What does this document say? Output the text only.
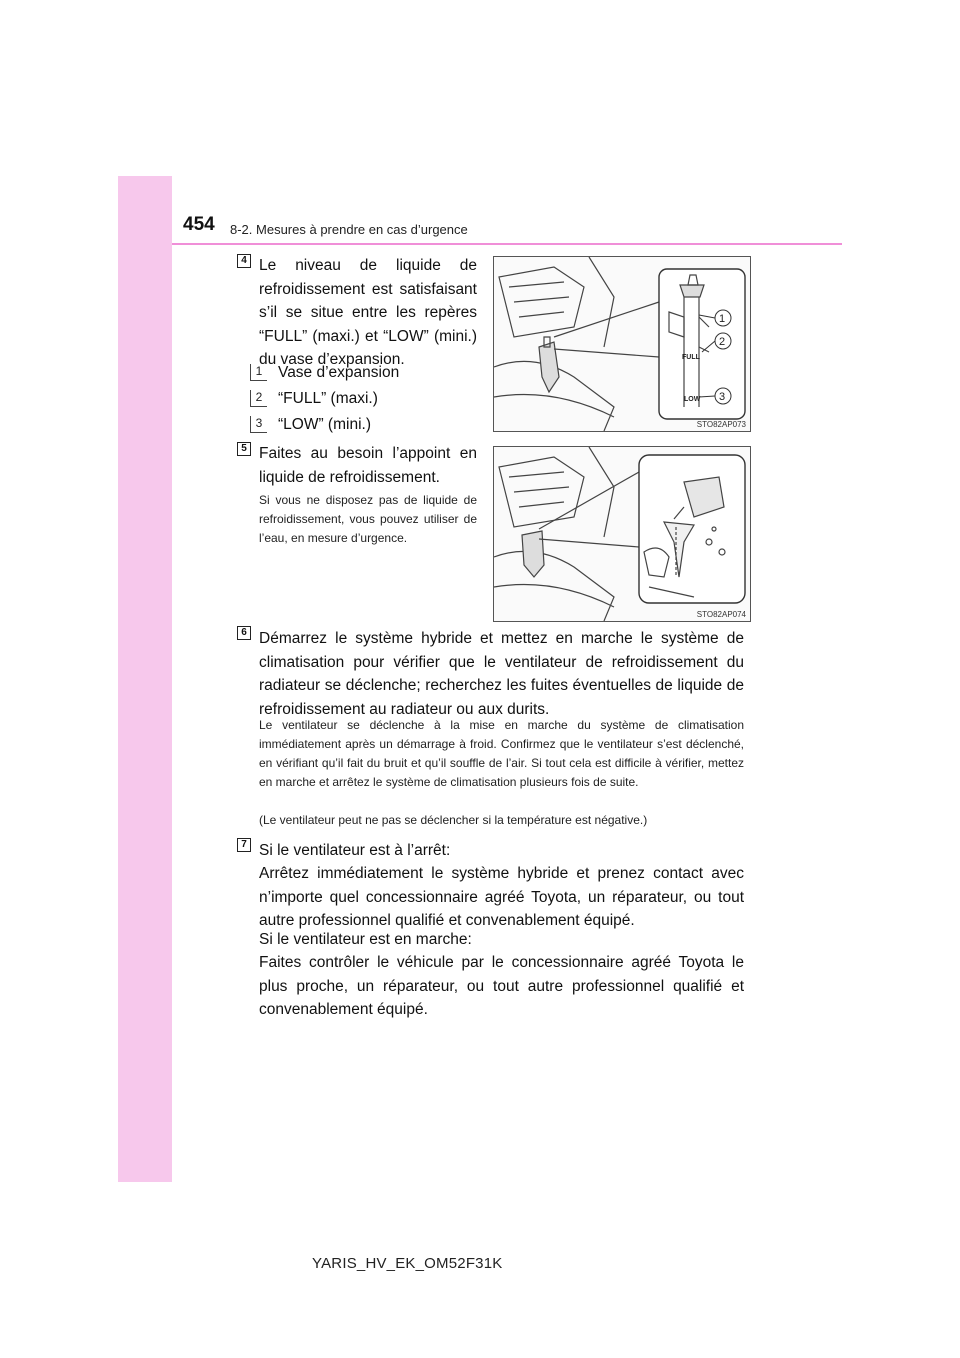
454 8-2. Mesures à prendre en cas d’urgence
4 Le niveau de liquide de refroidissement est satisfaisant s’il se situe entre les repères “FULL” (maxi.) et “LOW” (mini.) du vase d’expansion.
1	Vase d’expansion
2	“FULL” (maxi.)
3	“LOW” (mini.)
FULL
LOW
1
2
3
STO82AP073
5 Faites au besoin l’appoint en liquide de refroidissement.
Si vous ne disposez pas de liquide de refroidissement, vous pouvez utiliser de l’eau, en mesure d’urgence.
STO82AP074
6 Démarrez le système hybride et mettez en marche le système de climatisation pour vérifier que le ventilateur de refroidissement du radiateur se déclenche; recherchez les fuites éventuelles de liquide de refroidissement au radiateur ou aux durits.
Le ventilateur se déclenche à la mise en marche du système de climatisation immédiatement après un démarrage à froid. Confirmez que le ventilateur s’est déclenché, en vérifiant qu’il fait du bruit et qu’il souffle de l’air. Si tout cela est difficile à vérifier, mettez en marche et arrêtez le système de climatisation plusieurs fois de suite.
(Le ventilateur peut ne pas se déclencher si la température est négative.)
7 Si le ventilateur est à l’arrêt:
Arrêtez immédiatement le système hybride et prenez contact avec n’importe quel concessionnaire agréé Toyota, un réparateur, ou tout autre professionnel qualifié et convenablement équipé.
Si le ventilateur est en marche:
Faites contrôler le véhicule par le concessionnaire agréé Toyota le plus proche, un réparateur, ou tout autre professionnel qualifié et convenablement équipé.
YARIS_HV_EK_OM52F31K
